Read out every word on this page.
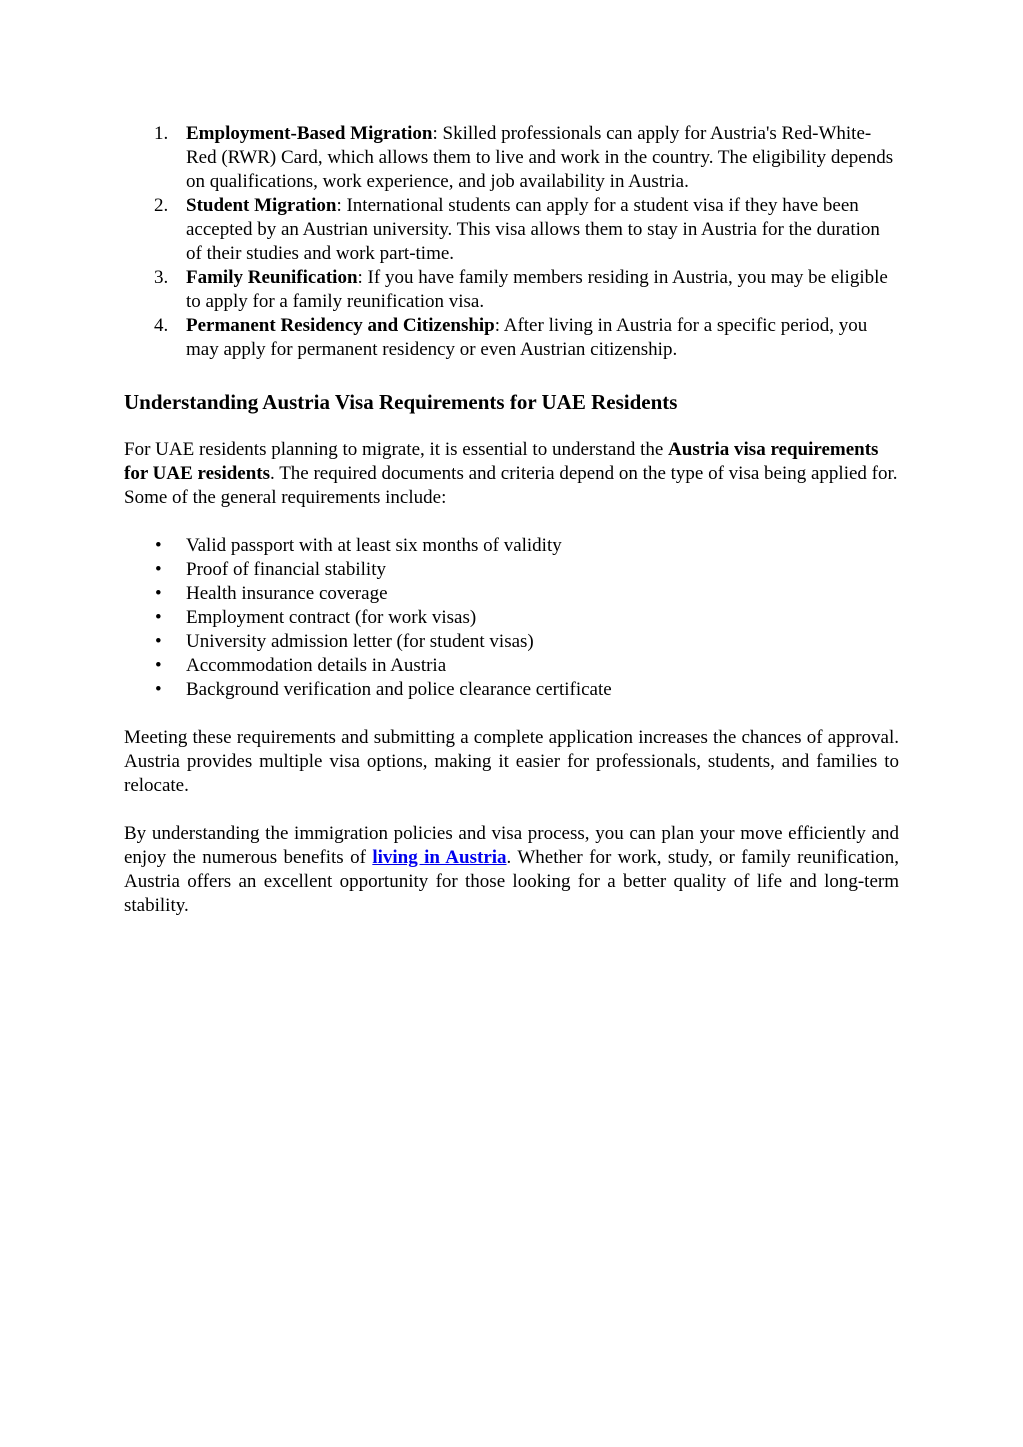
1. Employment-Based Migration: Skilled professionals can apply for Austria's Red-White-Red (RWR) Card, which allows them to live and work in the country. The eligibility depends on qualifications, work experience, and job availability in Austria.
2. Student Migration: International students can apply for a student visa if they have been accepted by an Austrian university. This visa allows them to stay in Austria for the duration of their studies and work part-time.
3. Family Reunification: If you have family members residing in Austria, you may be eligible to apply for a family reunification visa.
4. Permanent Residency and Citizenship: After living in Austria for a specific period, you may apply for permanent residency or even Austrian citizenship.
Understanding Austria Visa Requirements for UAE Residents

For UAE residents planning to migrate, it is essential to understand the Austria visa requirements for UAE residents. The required documents and criteria depend on the type of visa being applied for. Some of the general requirements include:

• Valid passport with at least six months of validity
• Proof of financial stability
• Health insurance coverage
• Employment contract (for work visas)
• University admission letter (for student visas)
• Accommodation details in Austria
• Background verification and police clearance certificate

Meeting these requirements and submitting a complete application increases the chances of approval. Austria provides multiple visa options, making it easier for professionals, students, and families to relocate.

By understanding the immigration policies and visa process, you can plan your move efficiently and enjoy the numerous benefits of living in Austria. Whether for work, study, or family reunification, Austria offers an excellent opportunity for those looking for a better quality of life and long-term stability.
